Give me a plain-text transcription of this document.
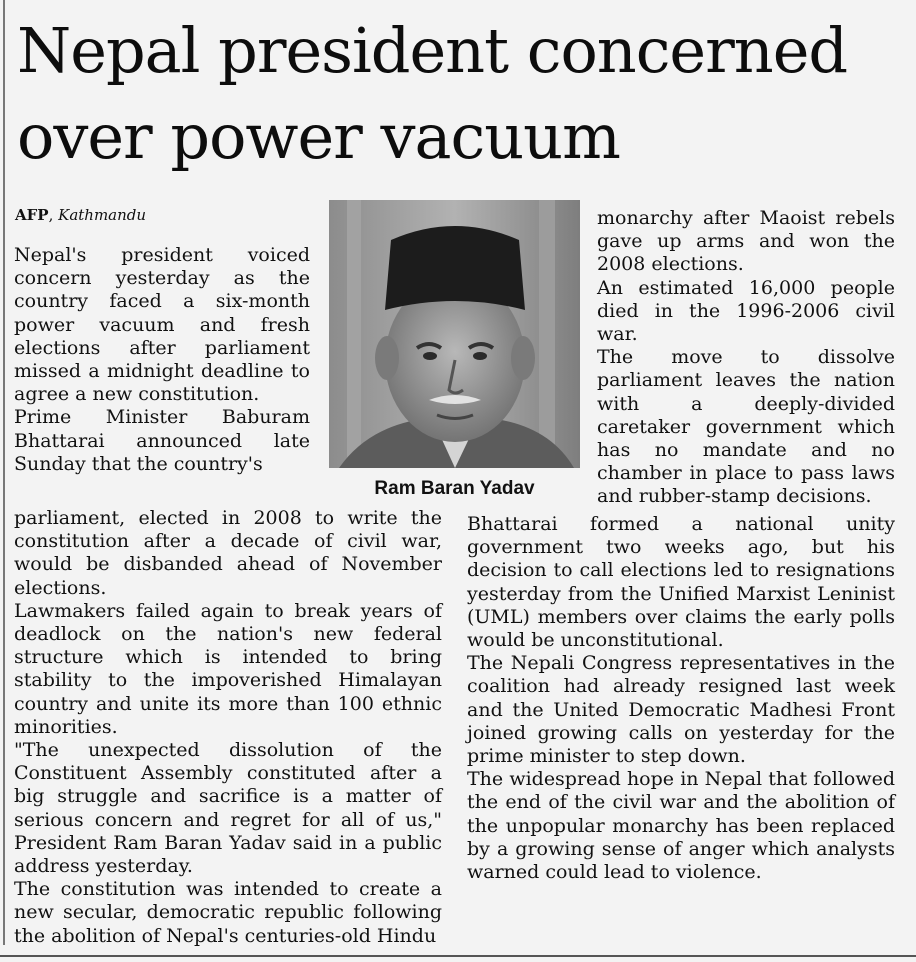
Nepal president concerned over power vacuum
AFP, Kathmandu
Nepal's president voiced concern yesterday as the country faced a six-month power vacuum and fresh elections after parliament missed a midnight deadline to agree a new constitution.
Prime Minister Baburam Bhattarai announced late Sunday that the country's
Ram Baran Yadav
parliament, elected in 2008 to write the constitution after a decade of civil war, would be disbanded ahead of November elections.
Lawmakers failed again to break years of deadlock on the nation's new federal structure which is intended to bring stability to the impoverished Himalayan country and unite its more than 100 ethnic minorities.
"The unexpected dissolution of the Constituent Assembly constituted after a big struggle and sacrifice is a matter of serious concern and regret for all of us," President Ram Baran Yadav said in a public address yesterday.
The constitution was intended to create a new secular, democratic republic following the abolition of Nepal's centuries-old Hindu
monarchy after Maoist rebels gave up arms and won the 2008 elections.
An estimated 16,000 people died in the 1996-2006 civil war.
The move to dissolve parliament leaves the nation with a deeply-divided caretaker government which has no mandate and no chamber in place to pass laws and rubber-stamp decisions.
Bhattarai formed a national unity government two weeks ago, but his decision to call elections led to resignations yesterday from the Unified Marxist Leninist (UML) members over claims the early polls would be unconstitutional.
The Nepali Congress representatives in the coalition had already resigned last week and the United Democratic Madhesi Front joined growing calls on yesterday for the prime minister to step down.
The widespread hope in Nepal that followed the end of the civil war and the abolition of the unpopular monarchy has been replaced by a growing sense of anger which analysts warned could lead to violence.
